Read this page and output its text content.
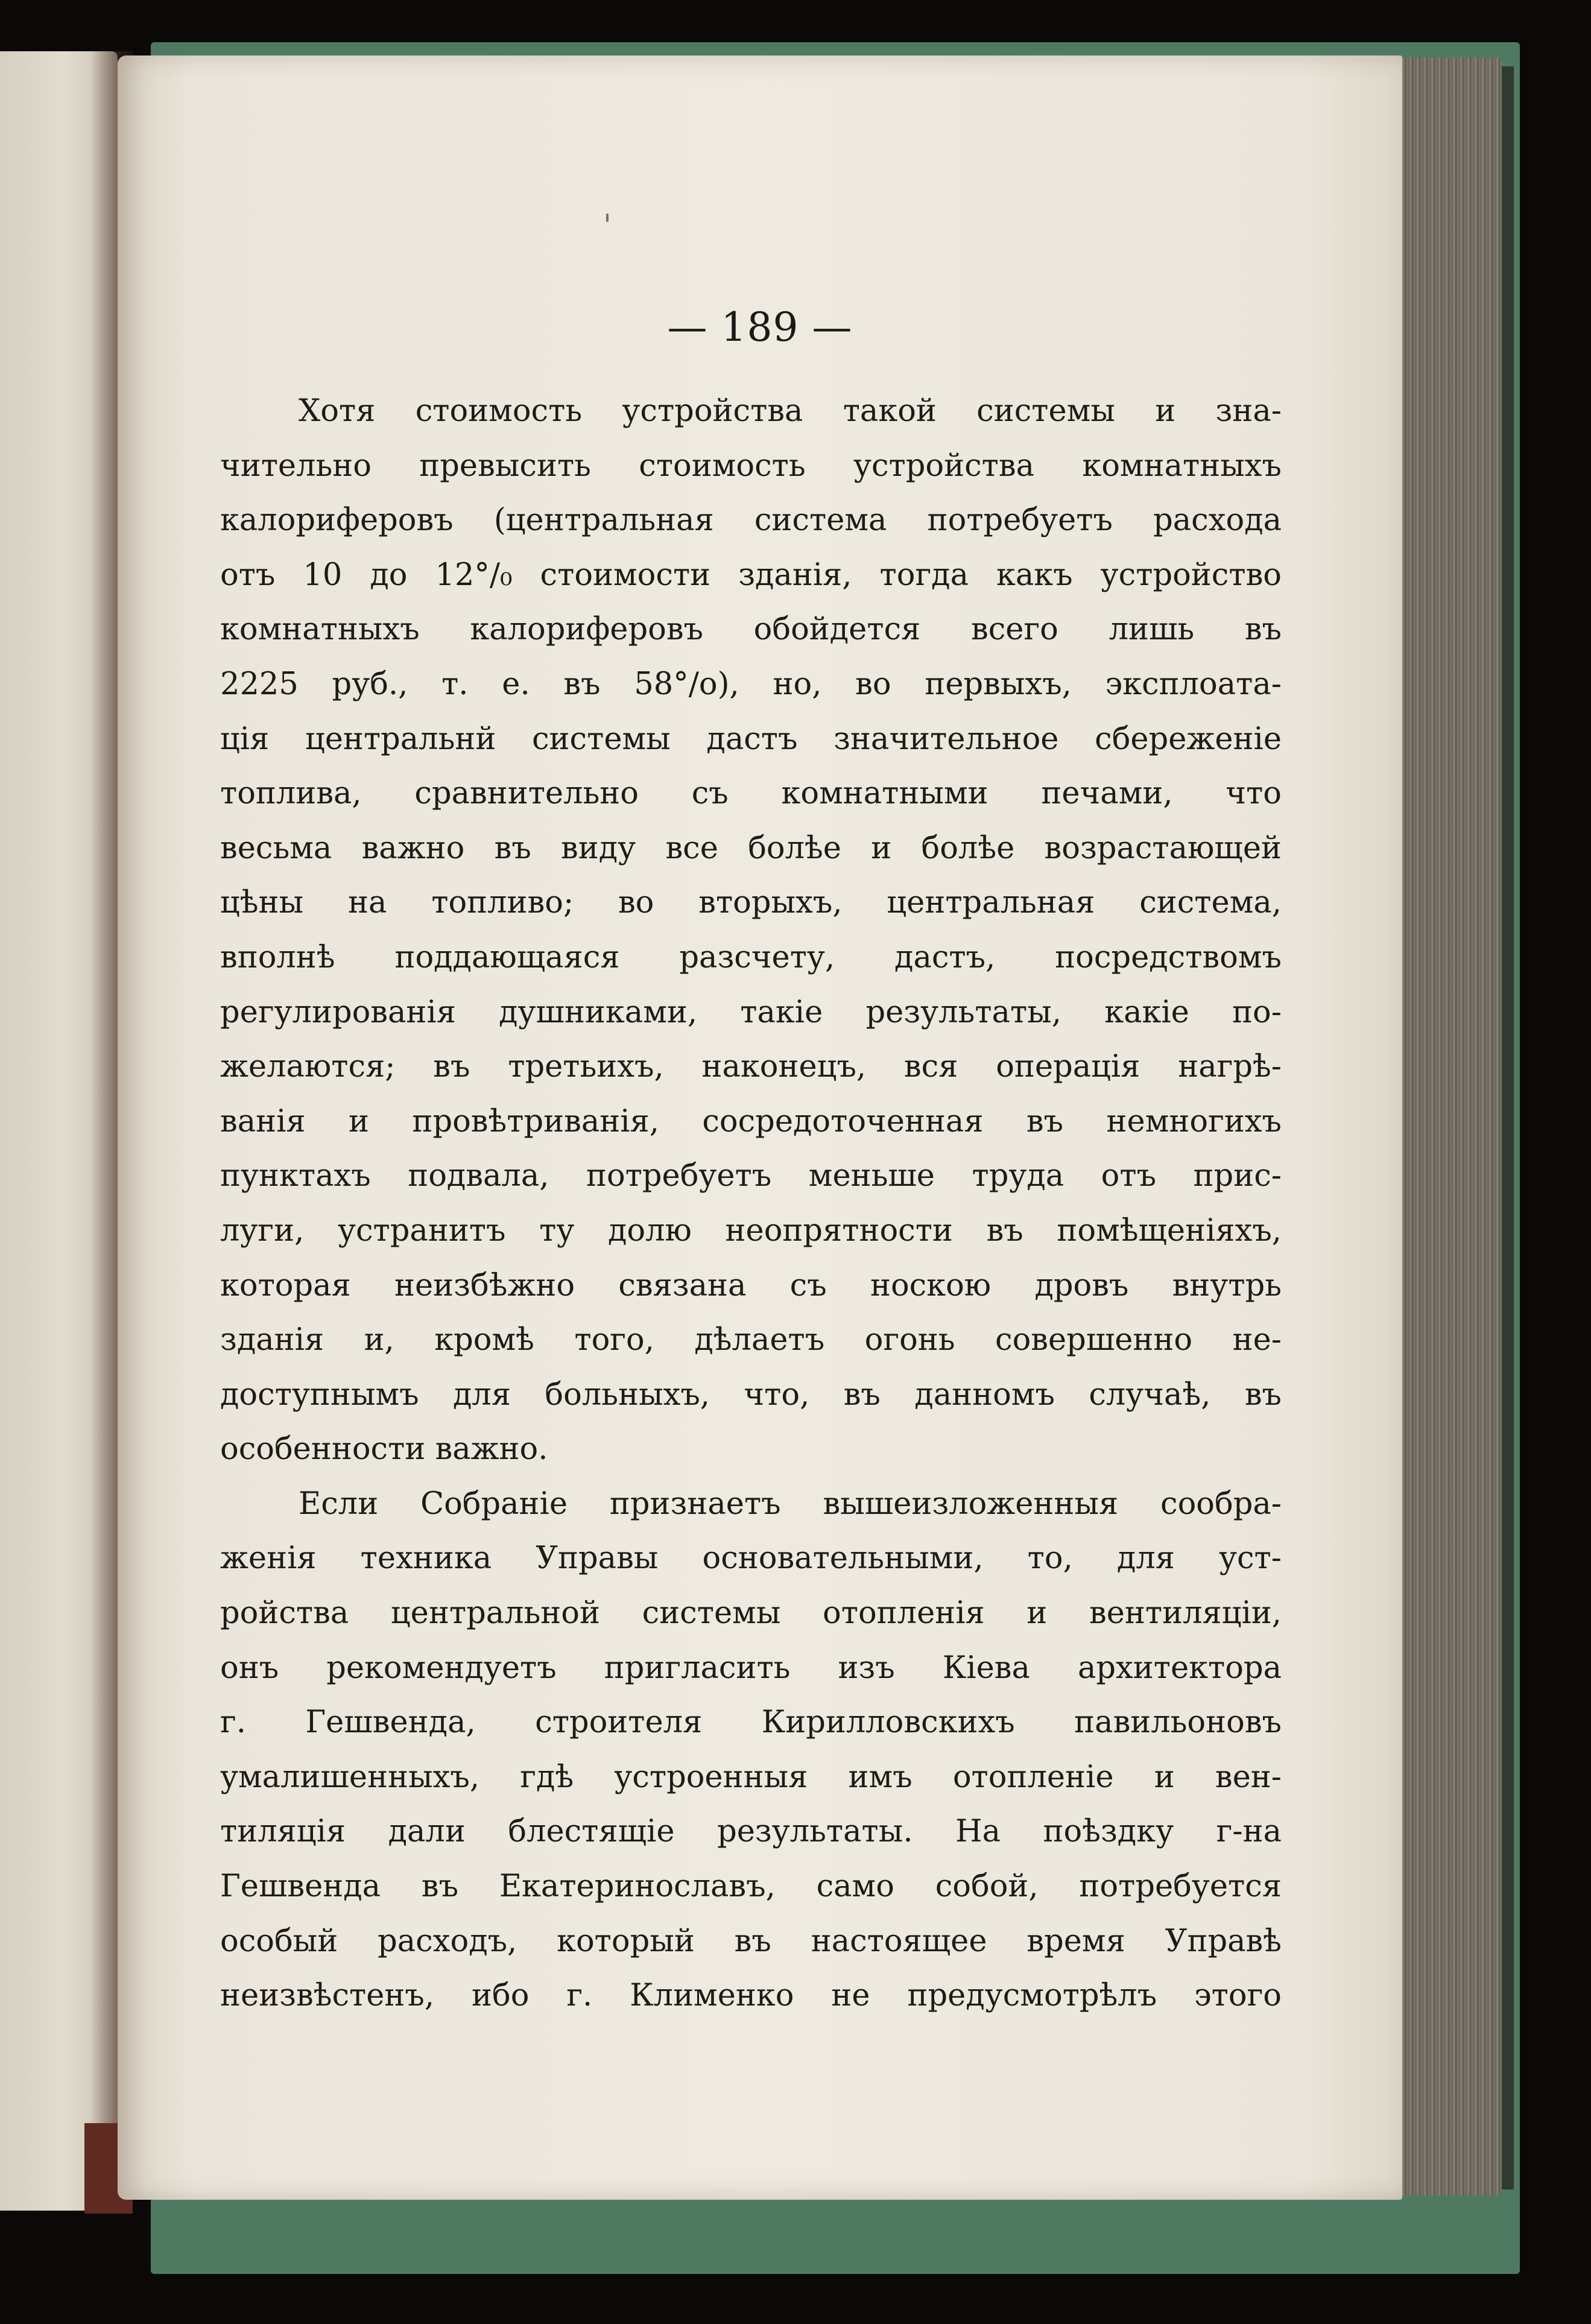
— 189 —
Хотя стоимость устройства такой системы и зна-
чительно превысить стоимость устройства комнатныхъ
калориферовъ (центральная система потребуетъ расхода
отъ 10 до 12°/₀ стоимости зданія, тогда какъ устройство
комнатныхъ калориферовъ обойдется всего лишь въ
2225 руб., т. е. въ 58°/о), но, во первыхъ, эксплоата-
ція центральнй системы дастъ значительное сбереженіе
топлива, сравнительно съ комнатными печами, что
весьма важно въ виду все болѣе и болѣе возрастающей
цѣны на топливо; во вторыхъ, центральная система,
вполнѣ поддающаяся разсчету, дастъ, посредствомъ
регулированія душниками, такіе результаты, какіе по-
желаются; въ третьихъ, наконецъ, вся операція нагрѣ-
ванія и провѣтриванія, сосредоточенная въ немногихъ
пунктахъ подвала, потребуетъ меньше труда отъ прис-
луги, устранитъ ту долю неопрятности въ помѣщеніяхъ,
которая неизбѣжно связана съ носкою дровъ внутрь
зданія и, кромѣ того, дѣлаетъ огонь совершенно не-
доступнымъ для больныхъ, что, въ данномъ случаѣ, въ
особенности важно.
Если Собраніе признаетъ вышеизложенныя сообра-
женія техника Управы основательными, то, для уст-
ройства центральной системы отопленія и вентиляціи,
онъ рекомендуетъ пригласить изъ Кіева архитектора
г. Гешвенда, строителя Кирилловскихъ павильоновъ
умалишенныхъ, гдѣ устроенныя имъ отопленіе и вен-
тиляція дали блестящіе результаты. На поѣздку г-на
Гешвенда въ Екатеринославъ, само собой, потребуется
особый расходъ, который въ настоящее время Управѣ
неизвѣстенъ, ибо г. Клименко не предусмотрѣлъ этого
